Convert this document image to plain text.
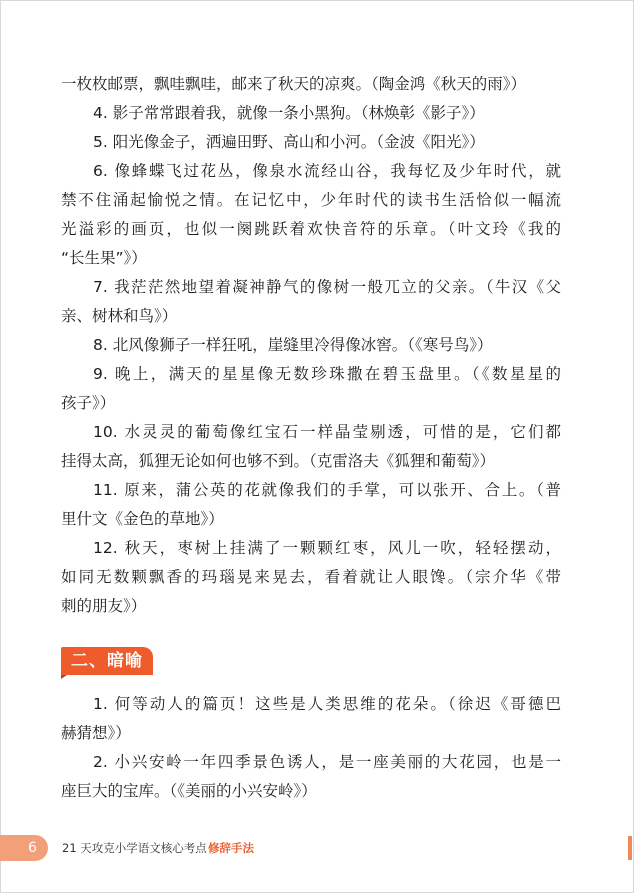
一枚枚邮票，飘哇飘哇，邮来了秋天的凉爽。（陶金鸿《秋天的雨》）
4. 影子常常跟着我，就像一条小黑狗。（林焕彰《影子》）
5. 阳光像金子，洒遍田野、高山和小河。（金波《阳光》）
6. 像蜂蝶飞过花丛，像泉水流经山谷，我每忆及少年时代，就
禁不住涌起愉悦之情。在记忆中，少年时代的读书生活恰似一幅流
光溢彩的画页，也似一阕跳跃着欢快音符的乐章。（叶文玲《我的
“长生果”》）
7. 我茫茫然地望着凝神静气的像树一般兀立的父亲。（牛汉《父
亲、树林和鸟》）
8. 北风像狮子一样狂吼，崖缝里冷得像冰窖。（《寒号鸟》）
9. 晚上，满天的星星像无数珍珠撒在碧玉盘里。（《数星星的
孩子》）
10. 水灵灵的葡萄像红宝石一样晶莹剔透，可惜的是，它们都
挂得太高，狐狸无论如何也够不到。（克雷洛夫《狐狸和葡萄》）
11. 原来，蒲公英的花就像我们的手掌，可以张开、合上。（普
里什文《金色的草地》）
12. 秋天，枣树上挂满了一颗颗红枣，风儿一吹，轻轻摆动，
如同无数颗飘香的玛瑙晃来晃去，看着就让人眼馋。（宗介华《带
刺的朋友》）
二、暗喻
1. 何等动人的篇页！这些是人类思维的花朵。（徐迟《哥德巴
赫猜想》）
2. 小兴安岭一年四季景色诱人，是一座美丽的大花园，也是一
座巨大的宝库。（《美丽的小兴安岭》）
6 21 天攻克小学语文核心考点 修辞手法
